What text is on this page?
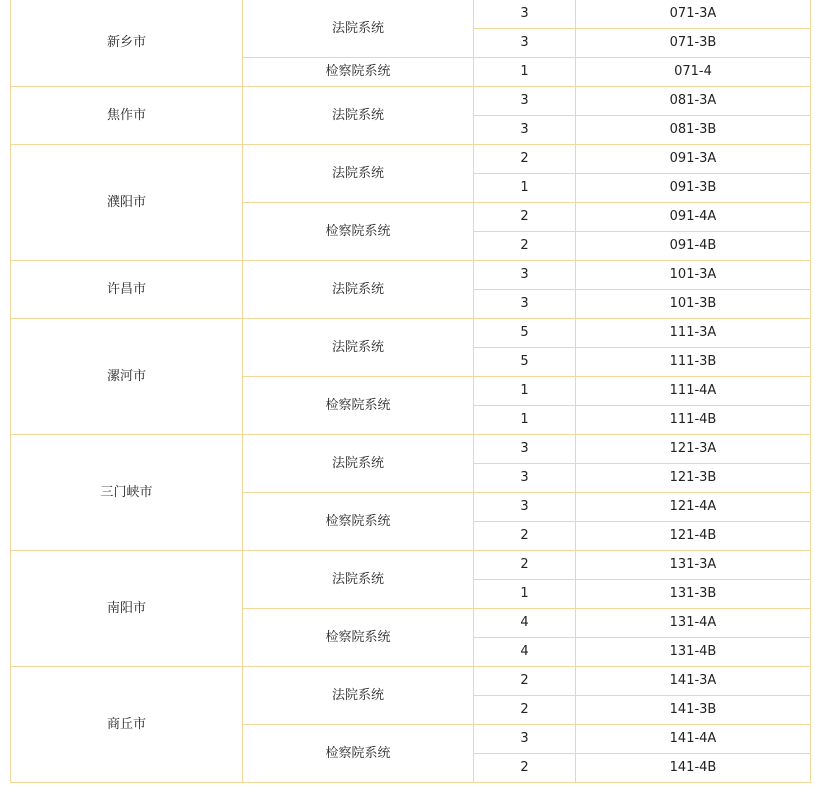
新乡市	法院系统	3	071-3A
		3	071-3B
	检察院系统	1	071-4
焦作市	法院系统	3	081-3A
		3	081-3B
濮阳市	法院系统	2	091-3A
		1	091-3B
	检察院系统	2	091-4A
		2	091-4B
许昌市	法院系统	3	101-3A
		3	101-3B
漯河市	法院系统	5	111-3A
		5	111-3B
	检察院系统	1	111-4A
		1	111-4B
三门峡市	法院系统	3	121-3A
		3	121-3B
	检察院系统	3	121-4A
		2	121-4B
南阳市	法院系统	2	131-3A
		1	131-3B
	检察院系统	4	131-4A
		4	131-4B
商丘市	法院系统	2	141-3A
		2	141-3B
	检察院系统	3	141-4A
		2	141-4B
